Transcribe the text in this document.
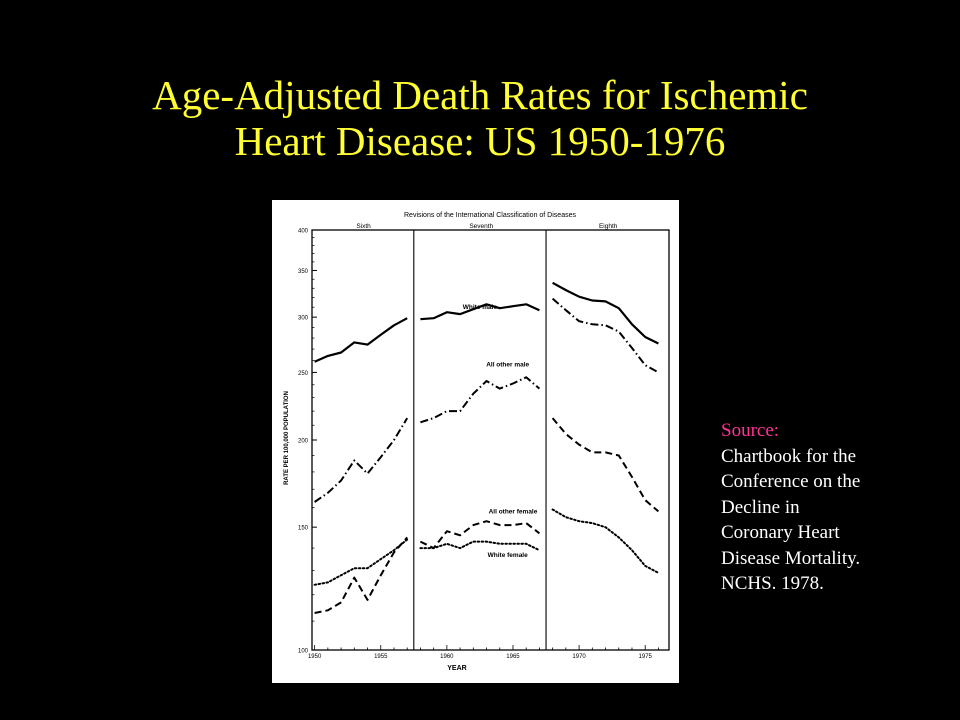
Age-Adjusted Death Rates for Ischemic
Heart Disease: US 1950-1976
Revisions of the International Classification of Diseases
YEAR
RATE PER 100,000 POPULATION
Sixth	Seventh	Eighth
100
150
200
250
300
350
400
1950	1955	1960	1965	1970	1975
White male
All other male
All other female
White female
Source:
Chartbook for the
Conference on the
Decline in
Coronary Heart
Disease Mortality.
NCHS. 1978.
